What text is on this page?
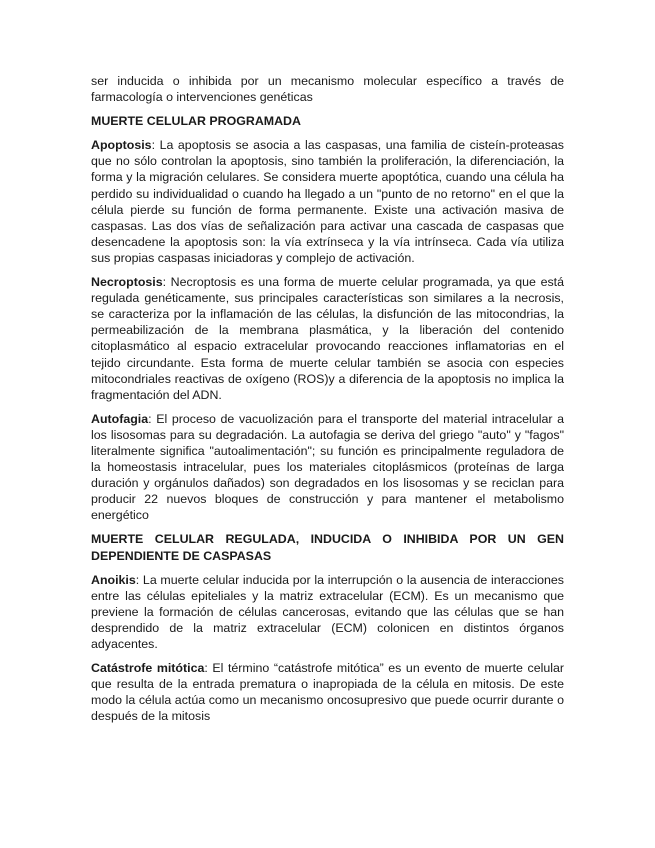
ser inducida o inhibida por un mecanismo molecular específico a través de farmacología o intervenciones genéticas

MUERTE CELULAR PROGRAMADA

Apoptosis: La apoptosis se asocia a las caspasas, una familia de cisteín-proteasas que no sólo controlan la apoptosis, sino también la proliferación, la diferenciación, la forma y la migración celulares. Se considera muerte apoptótica, cuando una célula ha perdido su individualidad o cuando ha llegado a un "punto de no retorno" en el que la célula pierde su función de forma permanente. Existe una activación masiva de caspasas. Las dos vías de señalización para activar una cascada de caspasas que desencadene la apoptosis son: la vía extrínseca y la vía intrínseca. Cada vía utiliza sus propias caspasas iniciadoras y complejo de activación.

Necroptosis: Necroptosis es una forma de muerte celular programada, ya que está regulada genéticamente, sus principales características son similares a la necrosis, se caracteriza por la inflamación de las células, la disfunción de las mitocondrias, la permeabilización de la membrana plasmática, y la liberación del contenido citoplasmático al espacio extracelular provocando reacciones inflamatorias en el tejido circundante. Esta forma de muerte celular también se asocia con especies mitocondriales reactivas de oxígeno (ROS)y a diferencia de la apoptosis no implica la fragmentación del ADN.

Autofagia: El proceso de vacuolización para el transporte del material intracelular a los lisosomas para su degradación. La autofagia se deriva del griego "auto" y "fagos" literalmente significa "autoalimentación"; su función es principalmente reguladora de la homeostasis intracelular, pues los materiales citoplásmicos (proteínas de larga duración y orgánulos dañados) son degradados en los lisosomas y se reciclan para producir 22 nuevos bloques de construcción y para mantener el metabolismo energético

MUERTE CELULAR REGULADA, INDUCIDA O INHIBIDA POR UN GEN DEPENDIENTE DE CASPASAS

Anoikis: La muerte celular inducida por la interrupción o la ausencia de interacciones entre las células epiteliales y la matriz extracelular (ECM). Es un mecanismo que previene la formación de células cancerosas, evitando que las células que se han desprendido de la matriz extracelular (ECM) colonicen en distintos órganos adyacentes.

Catástrofe mitótica: El término “catástrofe mitótica” es un evento de muerte celular que resulta de la entrada prematura o inapropiada de la célula en mitosis. De este modo la célula actúa como un mecanismo oncosupresivo que puede ocurrir durante o después de la mitosis
